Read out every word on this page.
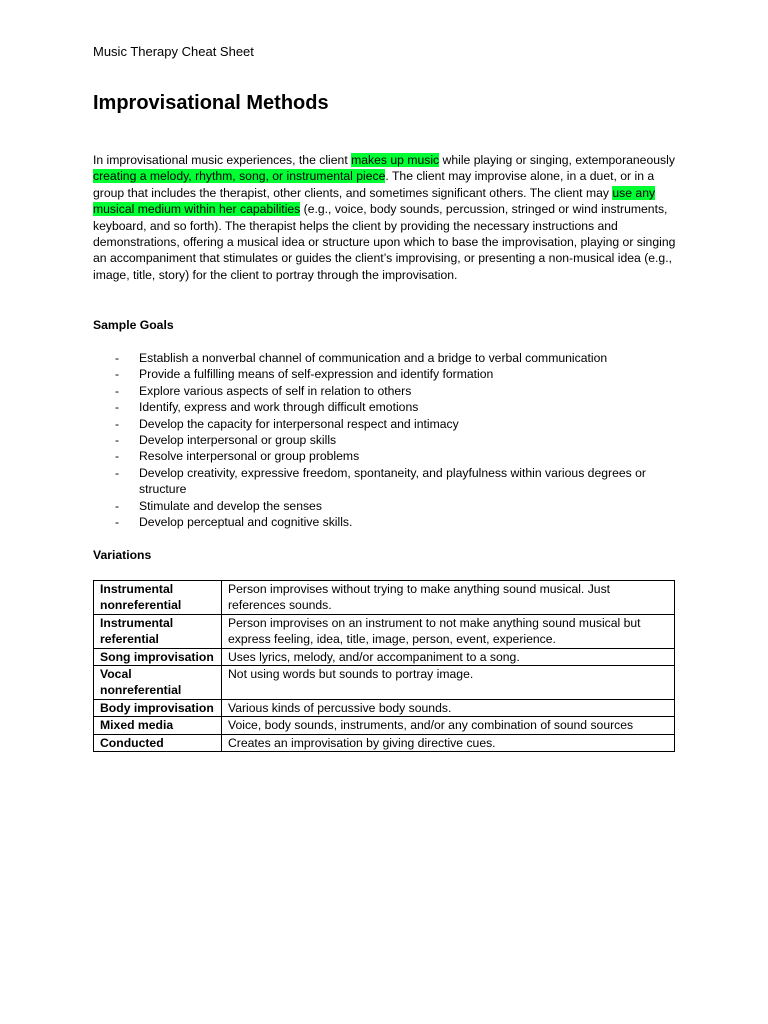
Music Therapy Cheat Sheet
Improvisational Methods

In improvisational music experiences, the client makes up music while playing or singing, extemporaneously creating a melody, rhythm, song, or instrumental piece. The client may improvise alone, in a duet, or in a group that includes the therapist, other clients, and sometimes significant others. The client may use any musical medium within her capabilities (e.g., voice, body sounds, percussion, stringed or wind instruments, keyboard, and so forth). The therapist helps the client by providing the necessary instructions and demonstrations, offering a musical idea or structure upon which to base the improvisation, playing or singing an accompaniment that stimulates or guides the client’s improvising, or presenting a non-musical idea (e.g., image, title, story) for the client to portray through the improvisation.

Sample Goals
- Establish a nonverbal channel of communication and a bridge to verbal communication
- Provide a fulfilling means of self-expression and identify formation
- Explore various aspects of self in relation to others
- Identify, express and work through difficult emotions
- Develop the capacity for interpersonal respect and intimacy
- Develop interpersonal or group skills
- Resolve interpersonal or group problems
- Develop creativity, expressive freedom, spontaneity, and playfulness within various degrees or structure
- Stimulate and develop the senses
- Develop perceptual and cognitive skills.
Variations
Instrumental nonreferential	Person improvises without trying to make anything sound musical. Just references sounds.
Instrumental referential	Person improvises on an instrument to not make anything sound musical but express feeling, idea, title, image, person, event, experience.
Song improvisation	Uses lyrics, melody, and/or accompaniment to a song.
Vocal nonreferential	Not using words but sounds to portray image.
Body improvisation	Various kinds of percussive body sounds.
Mixed media	Voice, body sounds, instruments, and/or any combination of sound sources
Conducted	Creates an improvisation by giving directive cues.
